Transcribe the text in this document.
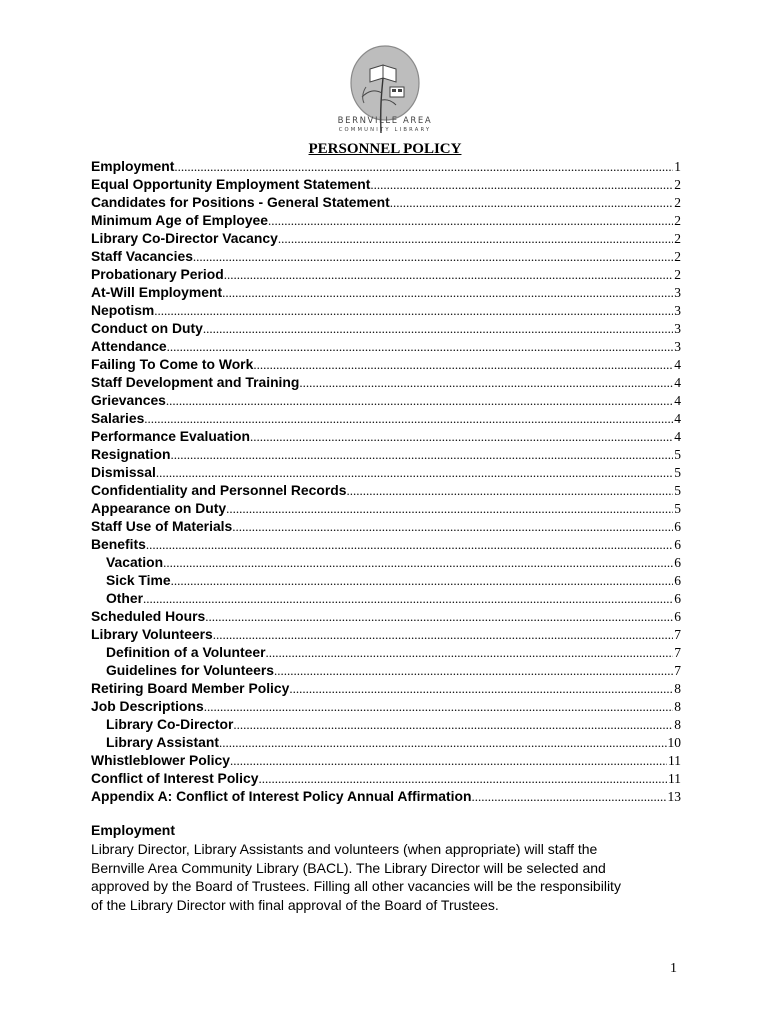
BERNVILLE AREA
COMMUNITY LIBRARY
PERSONNEL POLICY
Employment .....	1
Equal Opportunity Employment Statement .....	2
Candidates for Positions - General Statement .....	2
Minimum Age of Employee .....	2
Library Co-Director Vacancy .....	2
Staff Vacancies .....	2
Probationary Period .....	2
At-Will Employment .....	3
Nepotism .....	3
Conduct on Duty .....	3
Attendance .....	3
Failing To Come to Work .....	4
Staff Development and Training .....	4
Grievances .....	4
Salaries .....	4
Performance Evaluation .....	4
Resignation .....	5
Dismissal .....	5
Confidentiality and Personnel Records .....	5
Appearance on Duty .....	5
Staff Use of Materials .....	6
Benefits .....	6
Vacation .....	6
Sick Time .....	6
Other .....	6
Scheduled Hours .....	6
Library Volunteers .....	7
Definition of a Volunteer .....	7
Guidelines for Volunteers .....	7
Retiring Board Member Policy .....	8
Job Descriptions .....	8
Library Co-Director .....	8
Library Assistant .....	10
Whistleblower Policy .....	11
Conflict of Interest Policy .....	11
Appendix A: Conflict of Interest Policy Annual Affirmation .....	13
Employment
Library Director, Library Assistants and volunteers (when appropriate) will staff the
Bernville Area Community Library (BACL). The Library Director will be selected and
approved by the Board of Trustees. Filling all other vacancies will be the responsibility
of the Library Director with final approval of the Board of Trustees.
1
